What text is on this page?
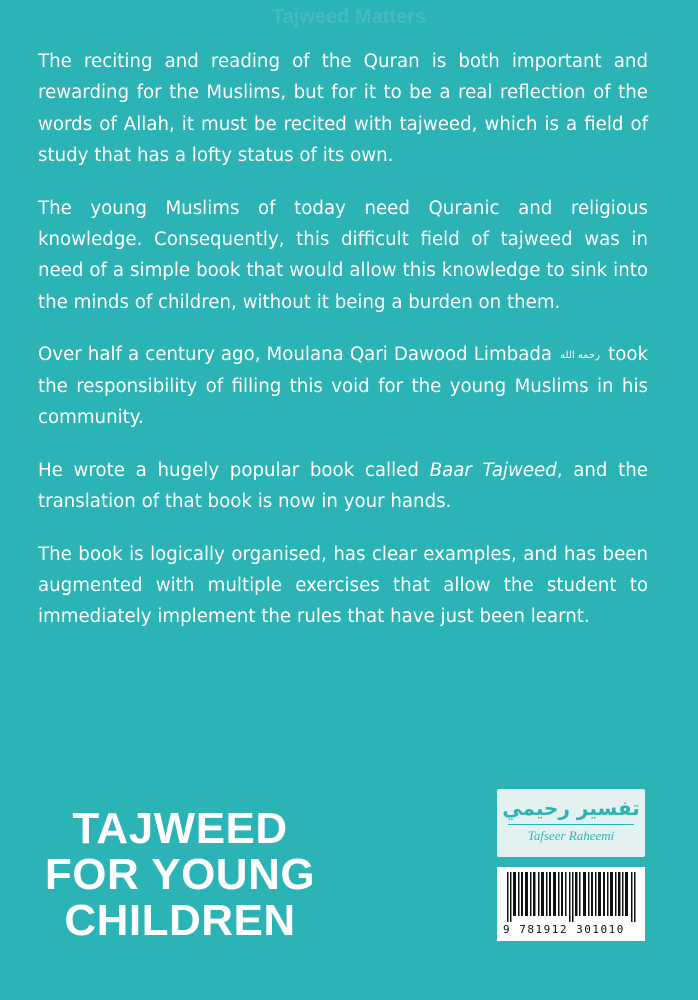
Tajweed Matters

The reciting and reading of the Quran is both important and rewarding for the Muslims, but for it to be a real reflection of the words of Allah, it must be recited with tajweed, which is a field of study that has a lofty status of its own.

The young Muslims of today need Quranic and religious knowledge. Consequently, this difficult field of tajweed was in need of a simple book that would allow this knowledge to sink into the minds of children, without it being a burden on them.

Over half a century ago, Moulana Qari Dawood Limbada رحمه الله took the responsibility of filling this void for the young Muslims in his community.

He wrote a hugely popular book called Baar Tajweed, and the translation of that book is now in your hands.

The book is logically organised, has clear examples, and has been augmented with multiple exercises that allow the student to immediately implement the rules that have just been learnt.

TAJWEED
FOR YOUNG
CHILDREN
تفسير رحيمي
Tafseer Raheemi
9 781912 301010
